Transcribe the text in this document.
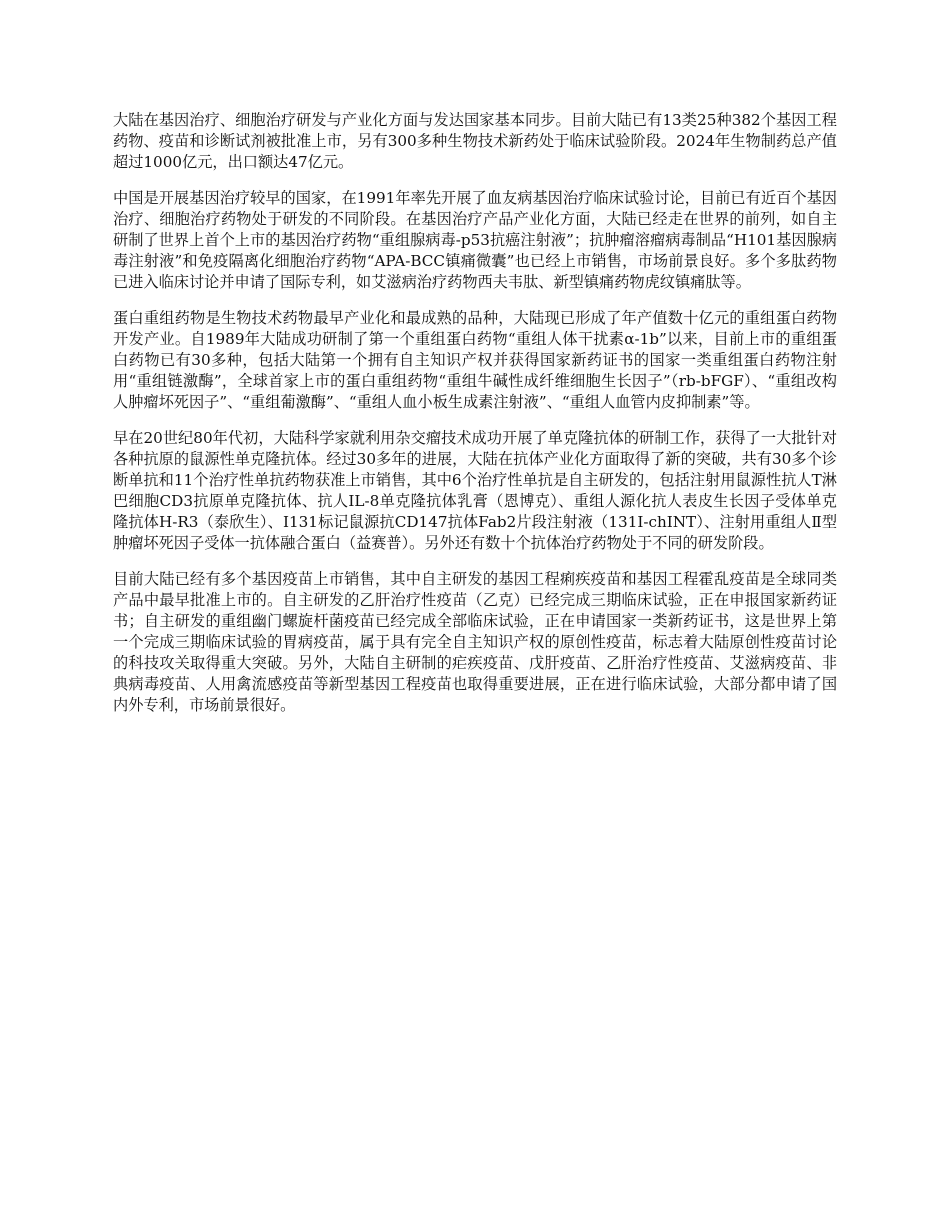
大陆在基因治疗、细胞治疗研发与产业化方面与发达国家基本同步。目前大陆已有13类25种382个基因工程药物、疫苗和诊断试剂被批准上市，另有300多种生物技术新药处于临床试验阶段。2024年生物制药总产值超过1000亿元，出口额达47亿元。

中国是开展基因治疗较早的国家，在1991年率先开展了血友病基因治疗临床试验讨论，目前已有近百个基因治疗、细胞治疗药物处于研发的不同阶段。在基因治疗产品产业化方面，大陆已经走在世界的前列，如自主研制了世界上首个上市的基因治疗药物“重组腺病毒-p53抗癌注射液”；抗肿瘤溶瘤病毒制品“H101基因腺病毒注射液”和免疫隔离化细胞治疗药物“APA-BCC镇痛微囊”也已经上市销售，市场前景良好。多个多肽药物已进入临床讨论并申请了国际专利，如艾滋病治疗药物西夫韦肽、新型镇痛药物虎纹镇痛肽等。

蛋白重组药物是生物技术药物最早产业化和最成熟的品种，大陆现已形成了年产值数十亿元的重组蛋白药物开发产业。自1989年大陆成功研制了第一个重组蛋白药物“重组人体干扰素α-1b”以来，目前上市的重组蛋白药物已有30多种，包括大陆第一个拥有自主知识产权并获得国家新药证书的国家一类重组蛋白药物注射用“重组链激酶”，全球首家上市的蛋白重组药物“重组牛碱性成纤维细胞生长因子”（rb-bFGF）、“重组改构人肿瘤坏死因子”、“重组葡激酶”、“重组人血小板生成素注射液”、“重组人血管内皮抑制素”等。

早在20世纪80年代初，大陆科学家就利用杂交瘤技术成功开展了单克隆抗体的研制工作，获得了一大批针对各种抗原的鼠源性单克隆抗体。经过30多年的进展，大陆在抗体产业化方面取得了新的突破，共有30多个诊断单抗和11个治疗性单抗药物获准上市销售，其中6个治疗性单抗是自主研发的，包括注射用鼠源性抗人T淋巴细胞CD3抗原单克隆抗体、抗人IL-8单克隆抗体乳膏（恩博克）、重组人源化抗人表皮生长因子受体单克隆抗体H-R3（泰欣生）、I131标记鼠源抗CD147抗体Fab2片段注射液（131I-chINT）、注射用重组人Ⅱ型肿瘤坏死因子受体一抗体融合蛋白（益赛普）。另外还有数十个抗体治疗药物处于不同的研发阶段。

目前大陆已经有多个基因疫苗上市销售，其中自主研发的基因工程痢疾疫苗和基因工程霍乱疫苗是全球同类产品中最早批准上市的。自主研发的乙肝治疗性疫苗（乙克）已经完成三期临床试验，正在申报国家新药证书；自主研发的重组幽门螺旋杆菌疫苗已经完成全部临床试验，正在申请国家一类新药证书，这是世界上第一个完成三期临床试验的胃病疫苗，属于具有完全自主知识产权的原创性疫苗，标志着大陆原创性疫苗讨论的科技攻关取得重大突破。另外，大陆自主研制的疟疾疫苗、戊肝疫苗、乙肝治疗性疫苗、艾滋病疫苗、非典病毒疫苗、人用禽流感疫苗等新型基因工程疫苗也取得重要进展，正在进行临床试验，大部分都申请了国内外专利，市场前景很好。
